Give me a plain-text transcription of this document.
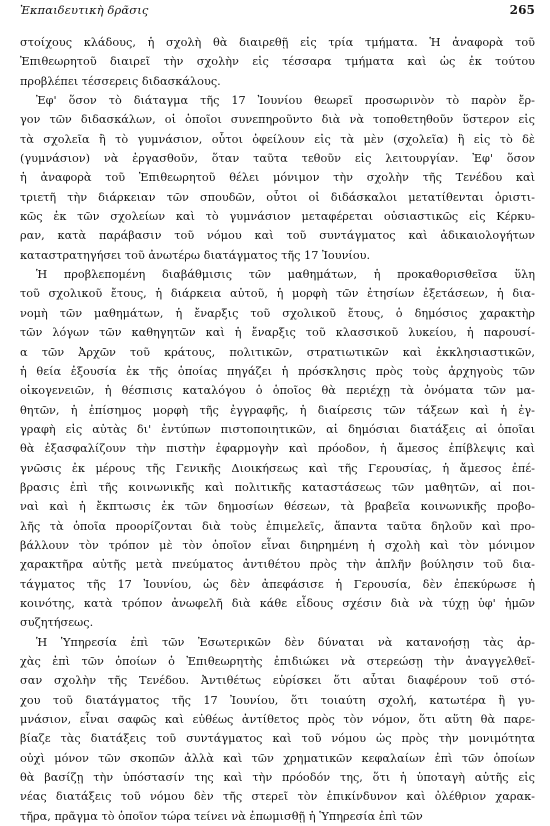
Ἐκπαιδευτικὴ δρᾶσις	265

στοίχους κλάδους, ἡ σχολὴ θὰ διαιρεθῇ εἰς τρία τμήματα. Ἡ ἀναφορὰ τοῦ
Ἐπιθεωρητοῦ διαιρεῖ τὴν σχολὴν εἰς τέσσαρα τμήματα καὶ ὡς ἐκ τούτου
προβλέπει τέσσερεις διδασκάλους.

Ἐφ' ὅσον τὸ διάταγμα τῆς 17 Ἰουνίου θεωρεῖ προσωρινὸν τὸ παρὸν ἔρ-
γον τῶν διδασκάλων, οἱ ὁποῖοι συνεπηροῦντο διὰ νὰ τοποθετηθοῦν ὕστερον εἰς
τὰ σχολεῖα ἢ τὸ γυμνάσιον, οὗτοι ὀφείλουν εἰς τὰ μὲν (σχολεῖα) ἢ εἰς τὸ δὲ
(γυμνάσιον) νὰ ἐργασθοῦν, ὅταν ταῦτα τεθοῦν εἰς λειτουργίαν. Ἐφ' ὅσον
ἡ ἀναφορὰ τοῦ Ἐπιθεωρητοῦ θέλει μόνιμον τὴν σχολὴν τῆς Τενέδου καὶ
τριετῆ τὴν διάρκειαν τῶν σπουδῶν, οὗτοι οἱ διδάσκαλοι μετατίθενται ὁριστι-
κῶς ἐκ τῶν σχολείων καὶ τὸ γυμνάσιον μεταφέρεται οὐσιαστικῶς εἰς Κέρκυ-
ραν, κατὰ παράβασιν τοῦ νόμου καὶ τοῦ συντάγματος καὶ ἀδικαιολογήτων
καταστρατηγήσει τοῦ ἀνωτέρω διατάγματος τῆς 17 Ἰουνίου.

Ἡ προβλεπομένη διαβάθμισις τῶν μαθημάτων, ἡ προκαθορισθεῖσα ὕλη
τοῦ σχολικοῦ ἔτους, ἡ διάρκεια αὐτοῦ, ἡ μορφὴ τῶν ἐτησίων ἐξετάσεων, ἡ δια-
νομὴ τῶν μαθημάτων, ἡ ἔναρξις τοῦ σχολικοῦ ἔτους, ὁ δημόσιος χαρακτὴρ
τῶν λόγων τῶν καθηγητῶν καὶ ἡ ἔναρξις τοῦ κλασσικοῦ λυκείου, ἡ παρουσί-
α τῶν Ἀρχῶν τοῦ κράτους, πολιτικῶν, στρατιωτικῶν καὶ ἐκκλησιαστικῶν,
ἡ θεία ἐξουσία ἐκ τῆς ὁποίας πηγάζει ἡ πρόσκλησις πρὸς τοὺς ἀρχηγοὺς τῶν
οἰκογενειῶν, ἡ θέσπισις καταλόγου ὁ ὁποῖος θὰ περιέχῃ τὰ ὀνόματα τῶν μα-
θητῶν, ἡ ἐπίσημος μορφὴ τῆς ἐγγραφῆς, ἡ διαίρεσις τῶν τάξεων καὶ ἡ ἐγ-
γραφὴ εἰς αὐτὰς δι' ἐντύπων πιστοποιητικῶν, αἱ δημόσιαι διατάξεις αἱ ὁποῖαι
θὰ ἐξασφαλίζουν τὴν πιστὴν ἐφαρμογὴν καὶ πρόοδον, ἡ ἄμεσος ἐπίβλεψις καὶ
γνῶσις ἐκ μέρους τῆς Γενικῆς Διοικήσεως καὶ τῆς Γερουσίας, ἡ ἄμεσος ἐπέ-
βρασις ἐπὶ τῆς κοινωνικῆς καὶ πολιτικῆς καταστάσεως τῶν μαθητῶν, αἱ ποι-
ναὶ καὶ ἡ ἔκπτωσις ἐκ τῶν δημοσίων θέσεων, τὰ βραβεῖα κοινωνικῆς προβο-
λῆς τὰ ὁποῖα προορίζονται διὰ τοὺς ἐπιμελεῖς, ἅπαντα ταῦτα δηλοῦν καὶ προ-
βάλλουν τὸν τρόπον μὲ τὸν ὁποῖον εἶναι διηρημένη ἡ σχολὴ καὶ τὸν μόνιμον
χαρακτῆρα αὐτῆς μετὰ πνεύματος ἀντιθέτου πρὸς τὴν ἁπλῆν βούλησιν τοῦ δια-
τάγματος τῆς 17 Ἰουνίου, ὡς δὲν ἀπεφάσισε ἡ Γερουσία, δὲν ἐπεκύρωσε ἡ
κοινότης, κατὰ τρόπον ἀνωφελῆ διὰ κάθε εἶδους σχέσιν διὰ νὰ τύχῃ ὑφ' ἡμῶν
συζητήσεως.

Ἡ Ὑπηρεσία ἐπὶ τῶν Ἐσωτερικῶν δὲν δύναται νὰ κατανοήσῃ τὰς ἀρ-
χὰς ἐπὶ τῶν ὁποίων ὁ Ἐπιθεωρητὴς ἐπιδιώκει νὰ στερεώσῃ τὴν ἀναγγελθεῖ-
σαν σχολὴν τῆς Τενέδου. Ἀντιθέτως εὑρίσκει ὅτι αὗται διαφέρουν τοῦ στό-
χου τοῦ διατάγματος τῆς 17 Ἰουνίου, ὅτι τοιαύτη σχολή, κατωτέρα ἢ γυ-
μνάσιον, εἶναι σαφῶς καὶ εὐθέως ἀντίθετος πρὸς τὸν νόμον, ὅτι αὕτη θὰ παρε-
βίαζε τὰς διατάξεις τοῦ συντάγματος καὶ τοῦ νόμου ὡς πρὸς τὴν μονιμότητα
οὐχὶ μόνον τῶν σκοπῶν ἀλλὰ καὶ τῶν χρηματικῶν κεφαλαίων ἐπὶ τῶν ὁποίων
θὰ βασίζῃ τὴν ὑπόστασίν της καὶ τὴν πρόοδόν της, ὅτι ἡ ὑποταγὴ αὐτῆς εἰς
νέας διατάξεις τοῦ νόμου δὲν τῆς στερεῖ τὸν ἐπικίνδυνον καὶ ὀλέθριον χαρακ-
τῆρα, πρᾶγμα τὸ ὁποῖον τώρα τείνει νὰ ἐπωμισθῇ ἡ Ὑπηρεσία ἐπὶ τῶν
